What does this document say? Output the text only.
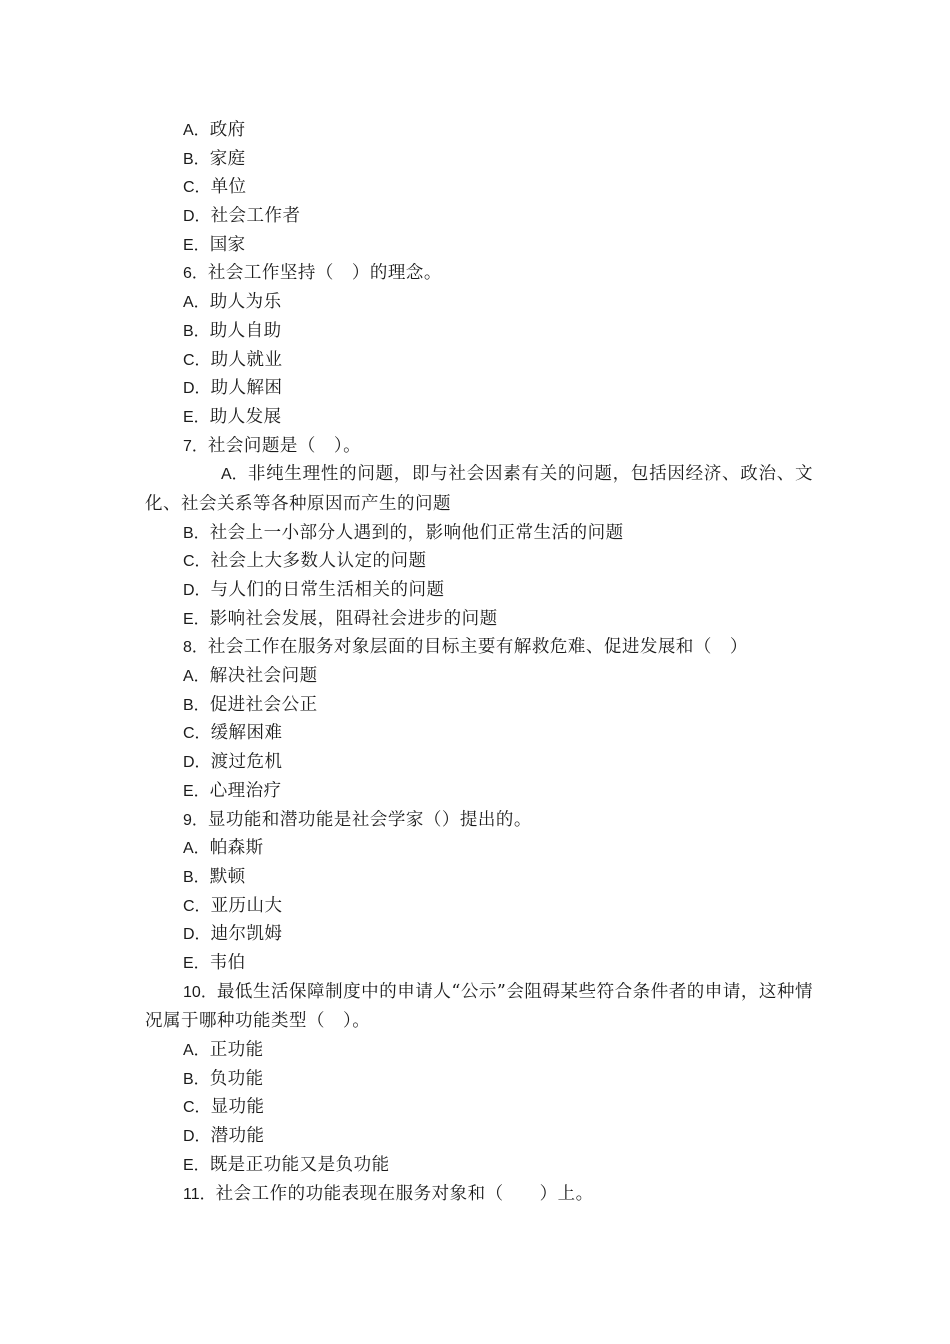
A．政府
B．家庭
C．单位
D．社会工作者
E．国家
6．社会工作坚持（　）的理念。
A．助人为乐
B．助人自助
C．助人就业
D．助人解困
E．助人发展
7．社会问题是（　）。
A．非纯生理性的问题，即与社会因素有关的问题，包括因经济、政治、文化、社会关系等各种原因而产生的问题
B．社会上一小部分人遇到的，影响他们正常生活的问题
C．社会上大多数人认定的问题
D．与人们的日常生活相关的问题
E．影响社会发展，阻碍社会进步的问题
8．社会工作在服务对象层面的目标主要有解救危难、促进发展和（　）
A．解决社会问题
B．促进社会公正
C．缓解困难
D．渡过危机
E．心理治疗
9．显功能和潜功能是社会学家（）提出的。
A．帕森斯
B．默顿
C．亚历山大
D．迪尔凯姆
E．韦伯
10．最低生活保障制度中的申请人“公示”会阻碍某些符合条件者的申请，这种情况属于哪种功能类型（　）。
A．正功能
B．负功能
C．显功能
D．潜功能
E．既是正功能又是负功能
11．社会工作的功能表现在服务对象和（　　）上。
